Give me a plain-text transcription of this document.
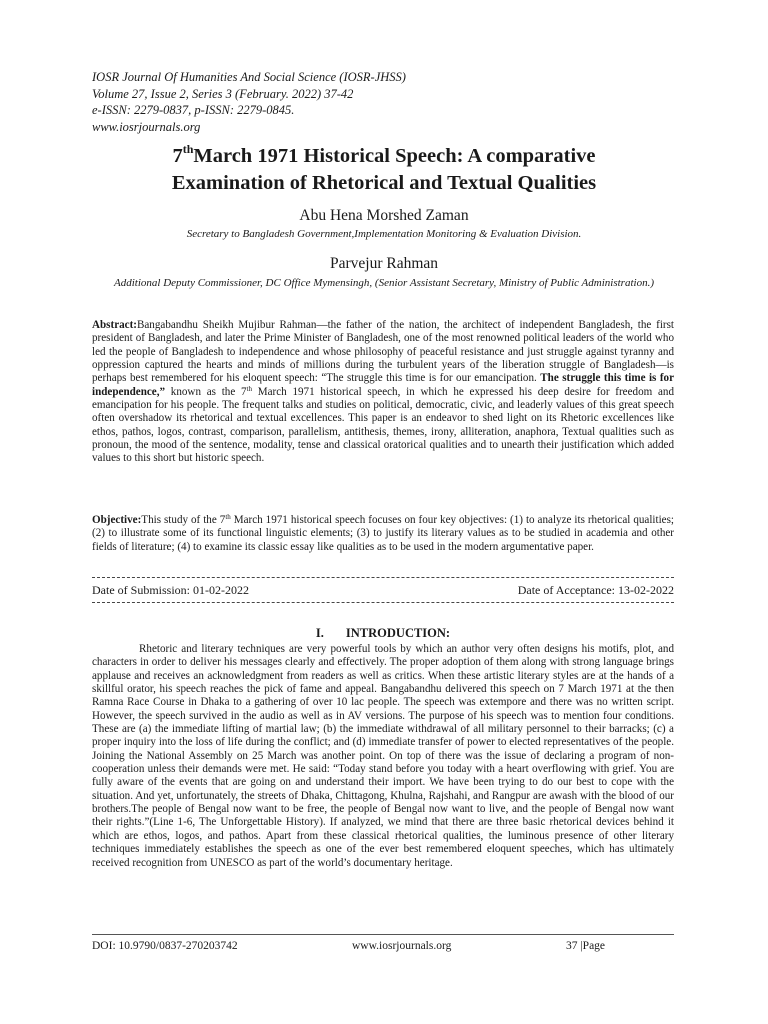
IOSR Journal Of Humanities And Social Science (IOSR-JHSS)
Volume 27, Issue 2, Series 3 (February. 2022) 37-42
e-ISSN: 2279-0837, p-ISSN: 2279-0845.
www.iosrjournals.org
7thMarch 1971 Historical Speech: A comparative
Examination of Rhetorical and Textual Qualities
Abu Hena Morshed Zaman
Secretary to Bangladesh Government,Implementation Monitoring & Evaluation Division.
Parvejur Rahman
Additional Deputy Commissioner, DC Office Mymensingh, (Senior Assistant Secretary, Ministry of Public Administration.)
Abstract:Bangabandhu Sheikh Mujibur Rahman—the father of the nation, the architect of independent Bangladesh, the first president of Bangladesh, and later the Prime Minister of Bangladesh, one of the most renowned political leaders of the world who led the people of Bangladesh to independence and whose philosophy of peaceful resistance and just struggle against tyranny and oppression captured the hearts and minds of millions during the turbulent years of the liberation struggle of Bangladesh—is perhaps best remembered for his eloquent speech: “The struggle this time is for our emancipation. The struggle this time is for independence,” known as the 7th March 1971 historical speech, in which he expressed his deep desire for freedom and emancipation for his people. The frequent talks and studies on political, democratic, civic, and leaderly values of this great speech often overshadow its rhetorical and textual excellences. This paper is an endeavor to shed light on its Rhetoric excellences like ethos, pathos, logos, contrast, comparison, parallelism, antithesis, themes, irony, alliteration, anaphora, Textual qualities such as pronoun, the mood of the sentence, modality, tense and classical oratorical qualities and to unearth their justification which added values to this short but historic speech.
Objective:This study of the 7th March 1971 historical speech focuses on four key objectives: (1) to analyze its rhetorical qualities; (2) to illustrate some of its functional linguistic elements; (3) to justify its literary values as to be studied in academia and other fields of literature; (4) to examine its classic essay like qualities as to be used in the modern argumentative paper.
Date of Submission: 01-02-2022	Date of Acceptance: 13-02-2022
I. INTRODUCTION:
Rhetoric and literary techniques are very powerful tools by which an author very often designs his motifs, plot, and characters in order to deliver his messages clearly and effectively. The proper adoption of them along with strong language brings applause and receives an acknowledgment from readers as well as critics. When these artistic literary styles are at the hands of a skillful orator, his speech reaches the pick of fame and appeal. Bangabandhu delivered this speech on 7 March 1971 at the then Ramna Race Course in Dhaka to a gathering of over 10 lac people. The speech was extempore and there was no written script. However, the speech survived in the audio as well as in AV versions. The purpose of his speech was to mention four conditions. These are (a) the immediate lifting of martial law; (b) the immediate withdrawal of all military personnel to their barracks; (c) a proper inquiry into the loss of life during the conflict; and (d) immediate transfer of power to elected representatives of the people. Joining the National Assembly on 25 March was another point. On top of there was the issue of declaring a program of non-cooperation unless their demands were met. He said: “Today stand before you today with a heart overflowing with grief. You are fully aware of the events that are going on and understand their import. We have been trying to do our best to cope with the situation. And yet, unfortunately, the streets of Dhaka, Chittagong, Khulna, Rajshahi, and Rangpur are awash with the blood of our brothers.The people of Bengal now want to be free, the people of Bengal now want to live, and the people of Bengal now want their rights.”(Line 1-6, The Unforgettable History). If analyzed, we mind that there are three basic rhetorical devices behind it which are ethos, logos, and pathos. Apart from these classical rhetorical qualities, the luminous presence of other literary techniques immediately establishes the speech as one of the ever best remembered eloquent speeches, which has ultimately received recognition from UNESCO as part of the world’s documentary heritage.
DOI: 10.9790/0837-270203742	www.iosrjournals.org	37 |Page
